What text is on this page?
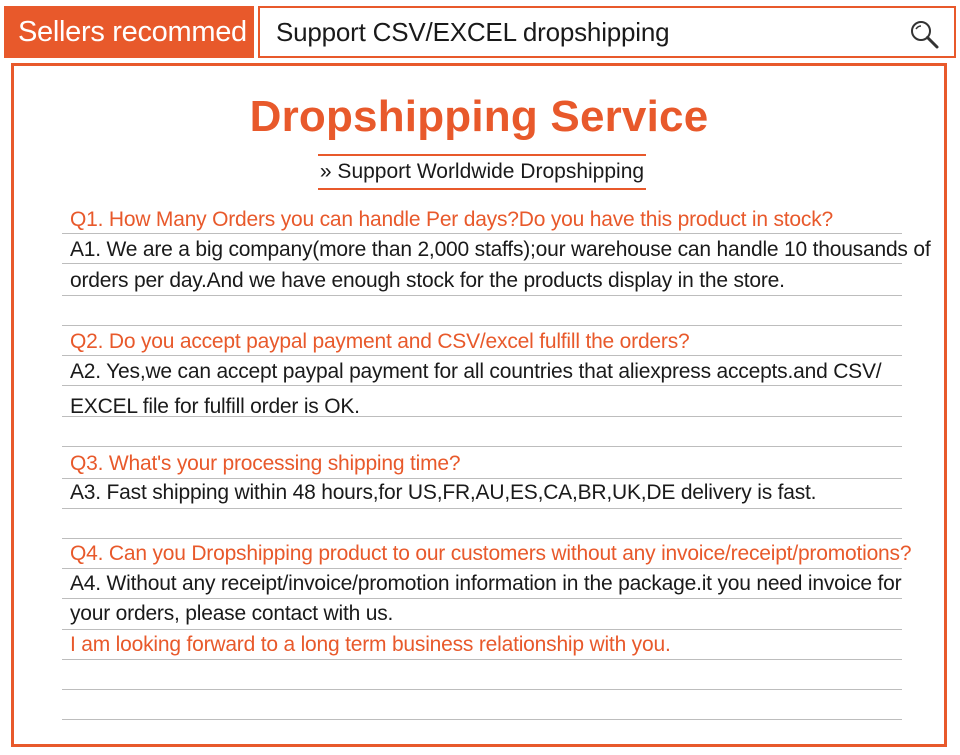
Sellers recommed Support CSV/EXCEL dropshipping
Dropshipping Service
» Support Worldwide Dropshipping
Q1. How Many Orders you can handle Per days?Do you have this product in stock?
A1. We are a big company(more than 2,000 staffs);our warehouse can handle 10 thousands of
orders per day.And we have enough stock for the products display in the store.
Q2. Do you accept paypal payment and CSV/excel fulfill the orders?
A2. Yes,we can accept paypal payment for all countries that aliexpress accepts.and CSV/
EXCEL file for fulfill order is OK.
Q3. What's your processing shipping time?
A3. Fast shipping within 48 hours,for US,FR,AU,ES,CA,BR,UK,DE delivery is fast.
Q4. Can you Dropshipping product to our customers without any invoice/receipt/promotions?
A4. Without any receipt/invoice/promotion information in the package.it you need invoice for
your orders, please contact with us.
I am looking forward to a long term business relationship with you.
